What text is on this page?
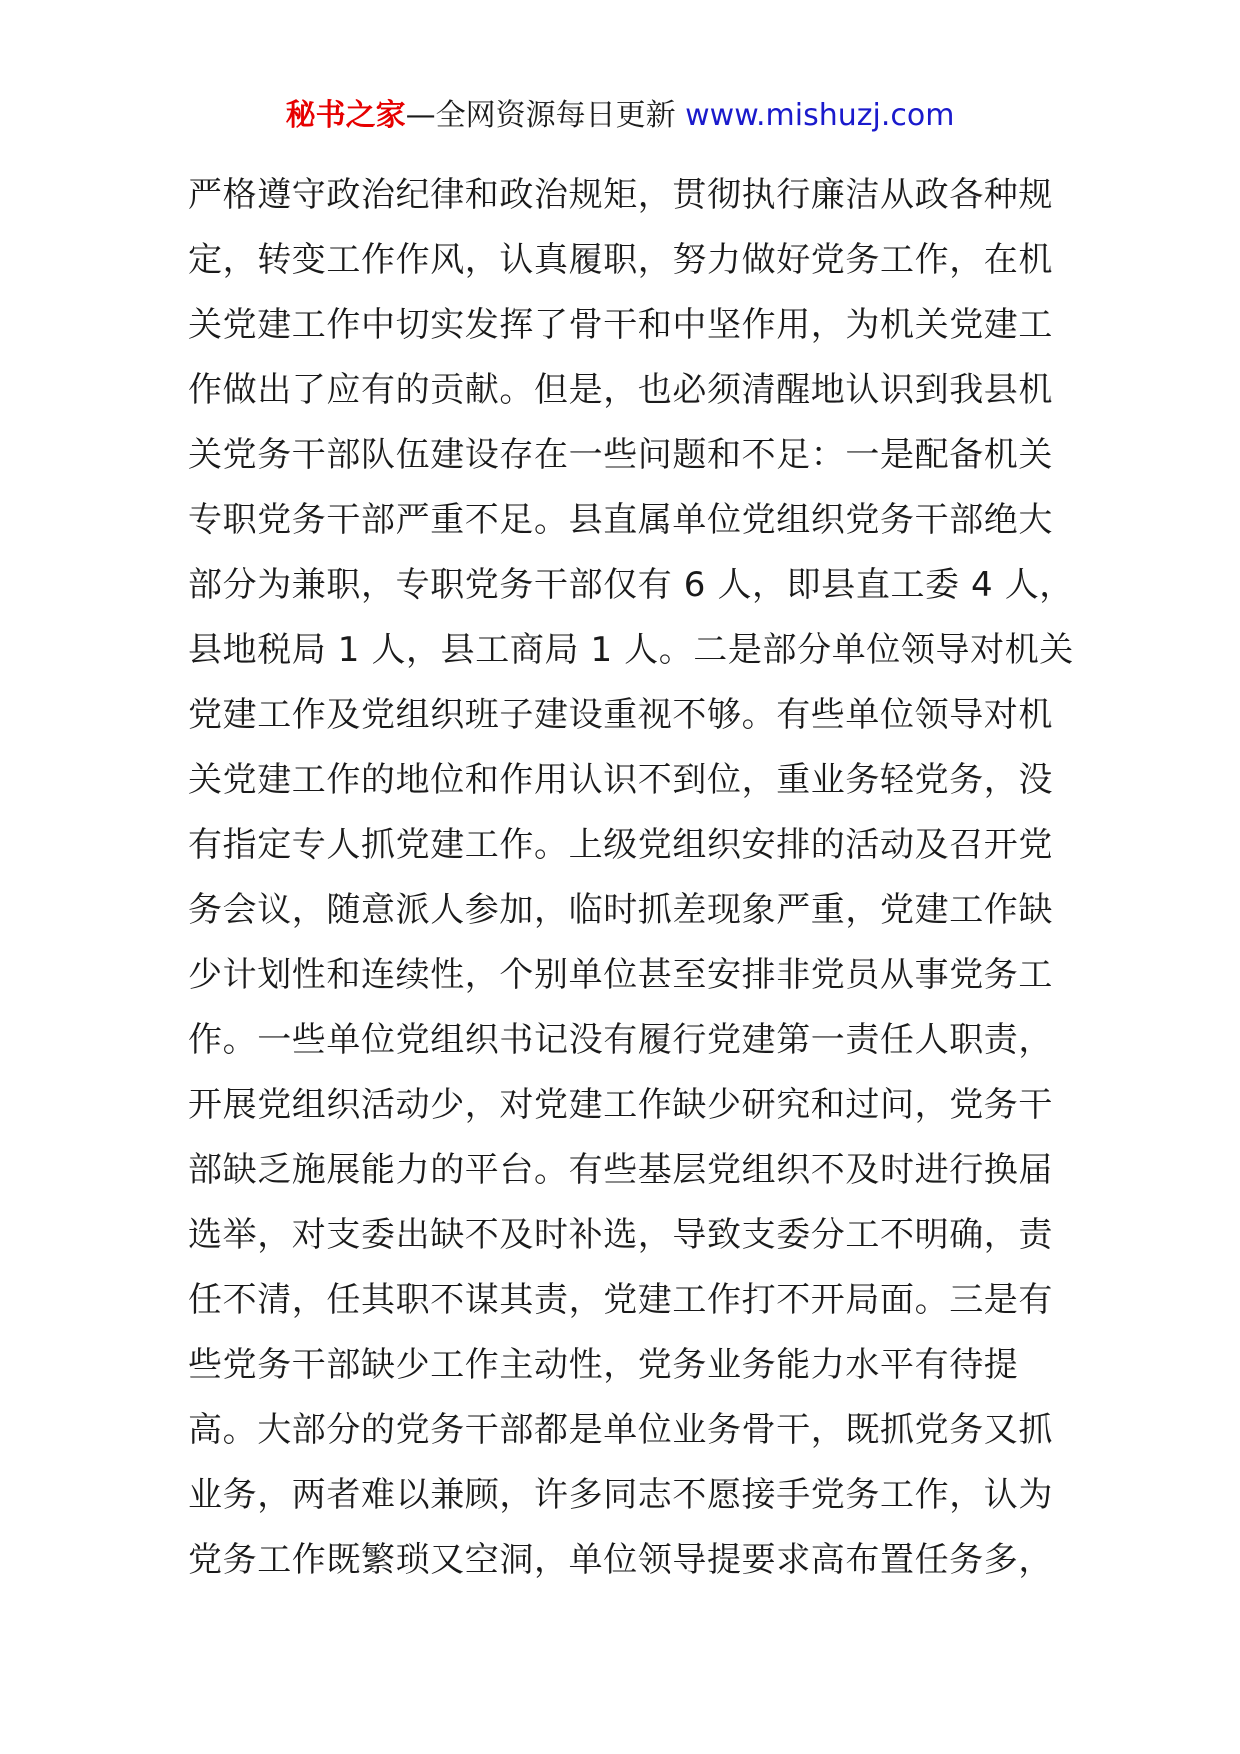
秘书之家—全网资源每日更新 www.mishuzj.com
严格遵守政治纪律和政治规矩，贯彻执行廉洁从政各种规
定，转变工作作风，认真履职，努力做好党务工作，在机
关党建工作中切实发挥了骨干和中坚作用，为机关党建工
作做出了应有的贡献。但是，也必须清醒地认识到我县机
关党务干部队伍建设存在一些问题和不足：一是配备机关
专职党务干部严重不足。县直属单位党组织党务干部绝大
部分为兼职，专职党务干部仅有 6 人，即县直工委 4 人，
县地税局 1 人，县工商局 1 人。二是部分单位领导对机关
党建工作及党组织班子建设重视不够。有些单位领导对机
关党建工作的地位和作用认识不到位，重业务轻党务，没
有指定专人抓党建工作。上级党组织安排的活动及召开党
务会议，随意派人参加，临时抓差现象严重，党建工作缺
少计划性和连续性，个别单位甚至安排非党员从事党务工
作。一些单位党组织书记没有履行党建第一责任人职责，
开展党组织活动少，对党建工作缺少研究和过问，党务干
部缺乏施展能力的平台。有些基层党组织不及时进行换届
选举，对支委出缺不及时补选，导致支委分工不明确，责
任不清，任其职不谋其责，党建工作打不开局面。三是有
些党务干部缺少工作主动性，党务业务能力水平有待提
高。大部分的党务干部都是单位业务骨干，既抓党务又抓
业务，两者难以兼顾，许多同志不愿接手党务工作，认为
党务工作既繁琐又空洞，单位领导提要求高布置任务多，
